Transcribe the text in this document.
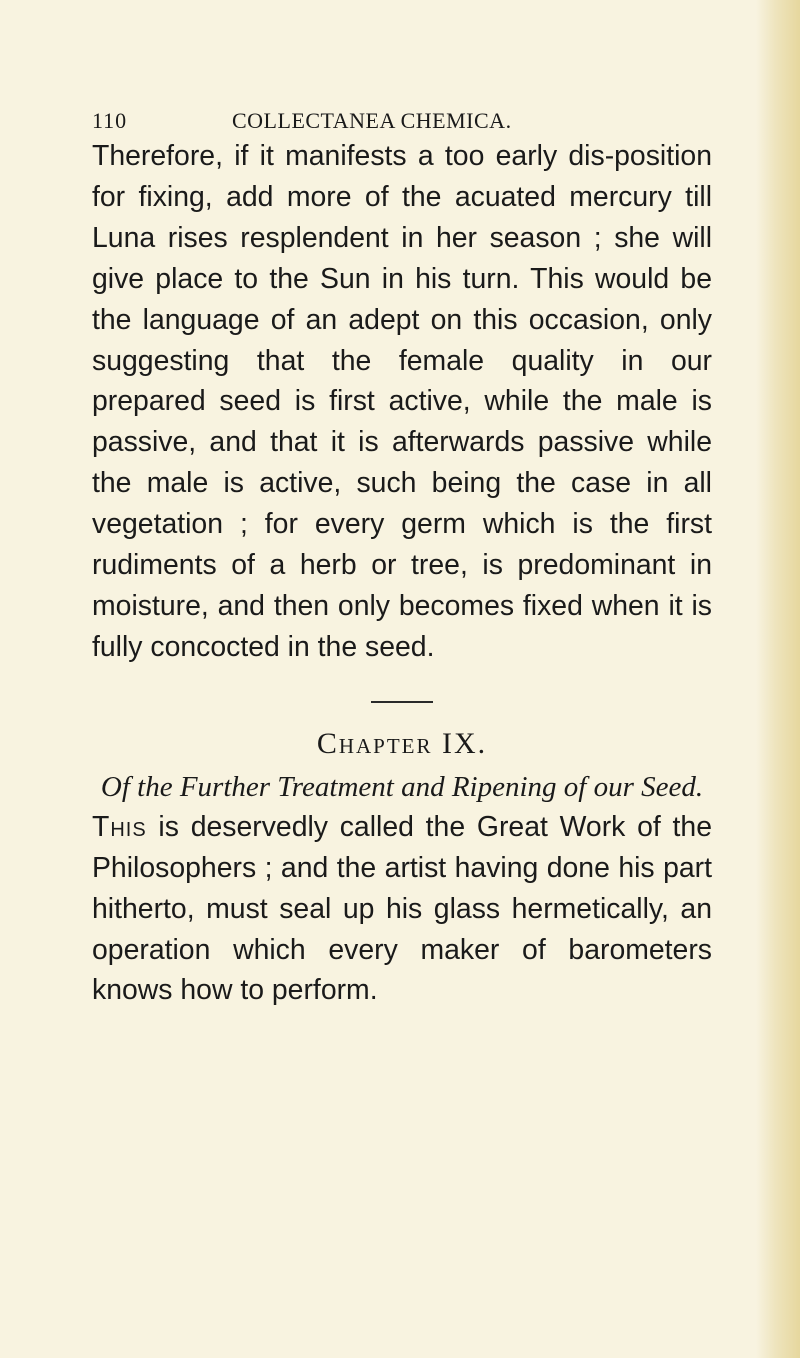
110	COLLECTANEA CHEMICA.

Therefore, if it manifests a too early dis-position for fixing, add more of the acuated mercury till Luna rises resplendent in her season ; she will give place to the Sun in his turn. This would be the language of an adept on this occasion, only suggesting that the female quality in our prepared seed is first active, while the male is passive, and that it is afterwards passive while the male is active, such being the case in all vegetation ; for every germ which is the first rudiments of a herb or tree, is predominant in moisture, and then only becomes fixed when it is fully concocted in the seed.

Chapter IX.
Of the Further Treatment and Ripening of our Seed.

This is deservedly called the Great Work of the Philosophers ; and the artist having done his part hitherto, must seal up his glass hermetically, an operation which every maker of barometers knows how to perform.
